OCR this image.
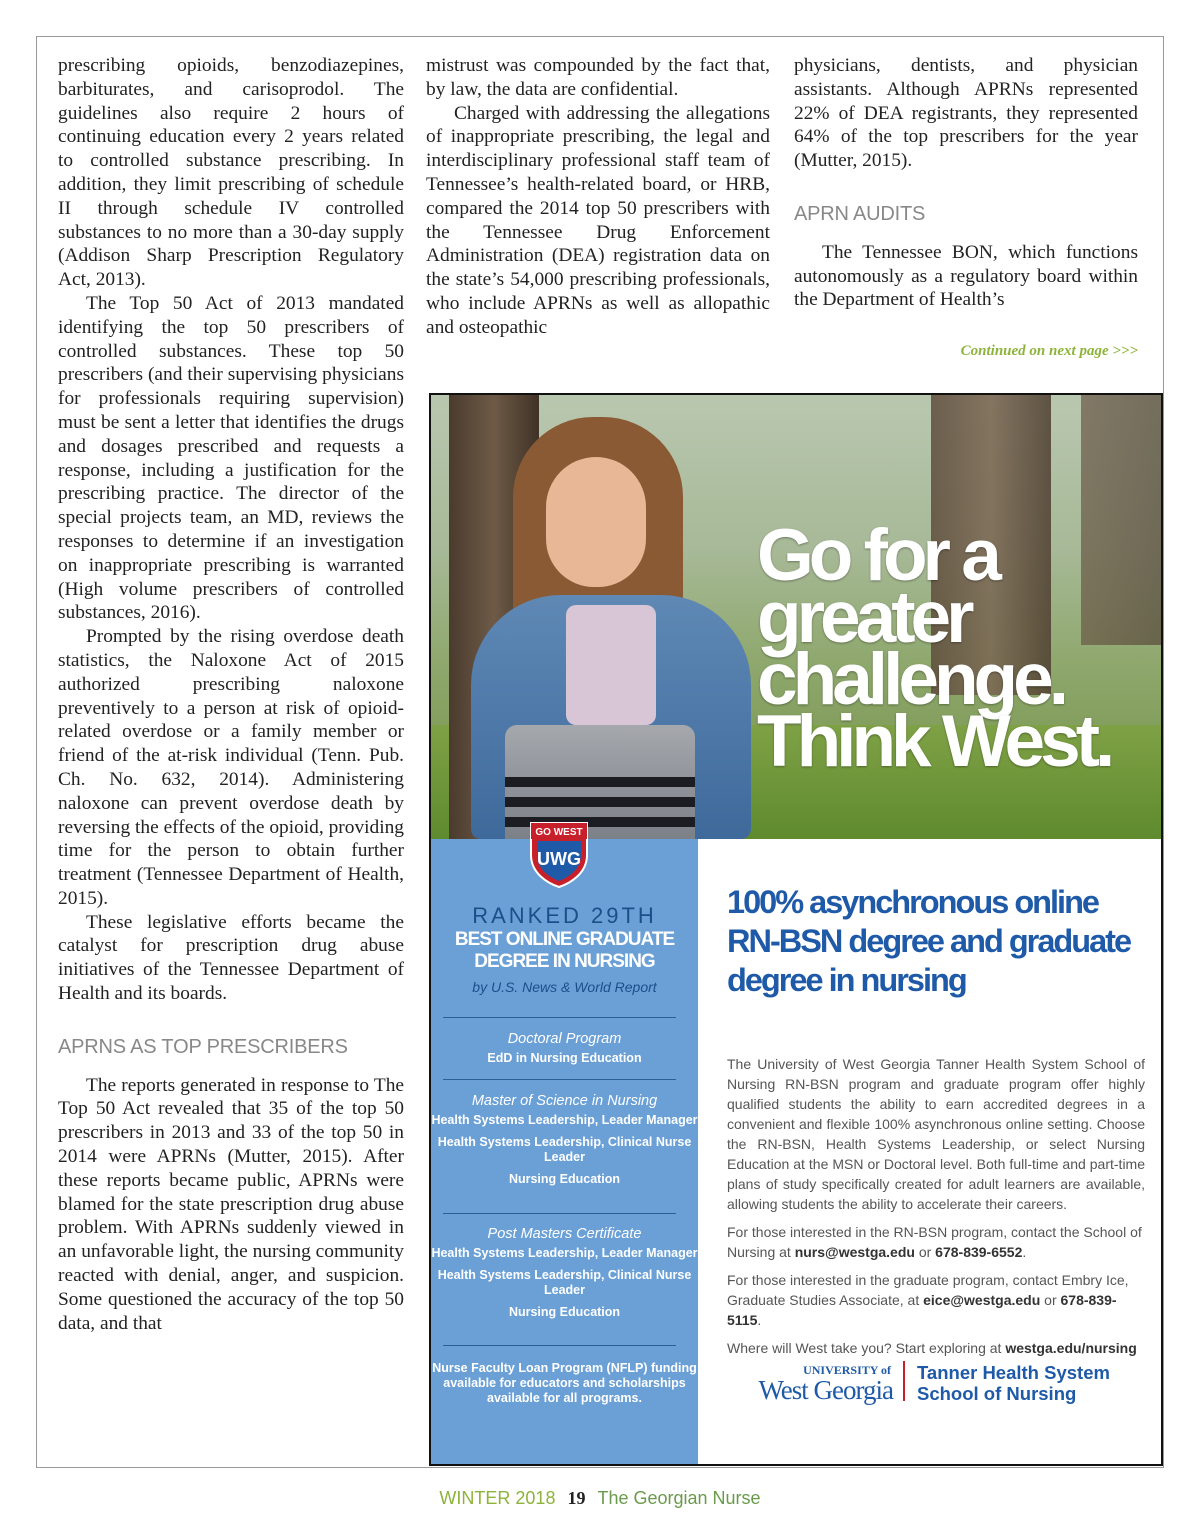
prescribing opioids, benzodiazepines, barbiturates, and carisoprodol. The guidelines also require 2 hours of continuing education every 2 years related to controlled substance prescribing. In addition, they limit prescribing of schedule II through schedule IV controlled substances to no more than a 30-day supply (Addison Sharp Prescription Regulatory Act, 2013).

The Top 50 Act of 2013 mandated identifying the top 50 prescribers of controlled substances. These top 50 prescribers (and their supervising physicians for professionals requiring supervision) must be sent a letter that identifies the drugs and dosages prescribed and requests a response, including a justification for the prescribing practice. The director of the special projects team, an MD, reviews the responses to determine if an investigation on inappropriate prescribing is warranted (High volume prescribers of controlled substances, 2016).

Prompted by the rising overdose death statistics, the Naloxone Act of 2015 authorized prescribing naloxone preventively to a person at risk of opioid-related overdose or a family member or friend of the at-risk individual (Tenn. Pub. Ch. No. 632, 2014). Administering naloxone can prevent overdose death by reversing the effects of the opioid, providing time for the person to obtain further treatment (Tennessee Department of Health, 2015).

These legislative efforts became the catalyst for prescription drug abuse initiatives of the Tennessee Department of Health and its boards.

APRNS AS TOP PRESCRIBERS

The reports generated in response to The Top 50 Act revealed that 35 of the top 50 prescribers in 2013 and 33 of the top 50 in 2014 were APRNs (Mutter, 2015). After these reports became public, APRNs were blamed for the state prescription drug abuse problem. With APRNs suddenly viewed in an unfavorable light, the nursing community reacted with denial, anger, and suspicion. Some questioned the accuracy of the top 50 data, and that

mistrust was compounded by the fact that, by law, the data are confidential.

Charged with addressing the allegations of inappropriate prescribing, the legal and interdisciplinary professional staff team of Tennessee’s health-related board, or HRB, compared the 2014 top 50 prescribers with the Tennessee Drug Enforcement Administration (DEA) registration data on the state’s 54,000 prescribing professionals, who include APRNs as well as allopathic and osteopathic

physicians, dentists, and physician assistants. Although APRNs represented 22% of DEA registrants, they represented 64% of the top prescribers for the year (Mutter, 2015).

APRN AUDITS

The Tennessee BON, which functions autonomously as a regulatory board within the Department of Health’s

Continued on next page >>>
Go for a greater challenge. Think West.
RANKED 29TH
BEST ONLINE GRADUATE DEGREE IN NURSING
by U.S. News & World Report
Doctoral Program
EdD in Nursing Education
Master of Science in Nursing
Health Systems Leadership, Leader Manager
Health Systems Leadership, Clinical Nurse Leader
Nursing Education
Post Masters Certificate
Health Systems Leadership, Leader Manager
Health Systems Leadership, Clinical Nurse Leader
Nursing Education
Nurse Faculty Loan Program (NFLP) funding available for educators and scholarships available for all programs.
GO WEST
UWG
100% asynchronous online RN-BSN degree and graduate degree in nursing

The University of West Georgia Tanner Health System School of Nursing RN-BSN program and graduate program offer highly qualified students the ability to earn accredited degrees in a convenient and flexible 100% asynchronous online setting. Choose the RN-BSN, Health Systems Leadership, or select Nursing Education at the MSN or Doctoral level. Both full-time and part-time plans of study specifically created for adult learners are available, allowing students the ability to accelerate their careers.

For those interested in the RN-BSN program, contact the School of Nursing at nurs@westga.edu or 678-839-6552.

For those interested in the graduate program, contact Embry Ice, Graduate Studies Associate, at eice@westga.edu or 678-839-5115.

Where will West take you? Start exploring at westga.edu/nursing

UNIVERSITY of
West Georgia
Tanner Health System
School of Nursing
WINTER 2018 19 The Georgian Nurse
